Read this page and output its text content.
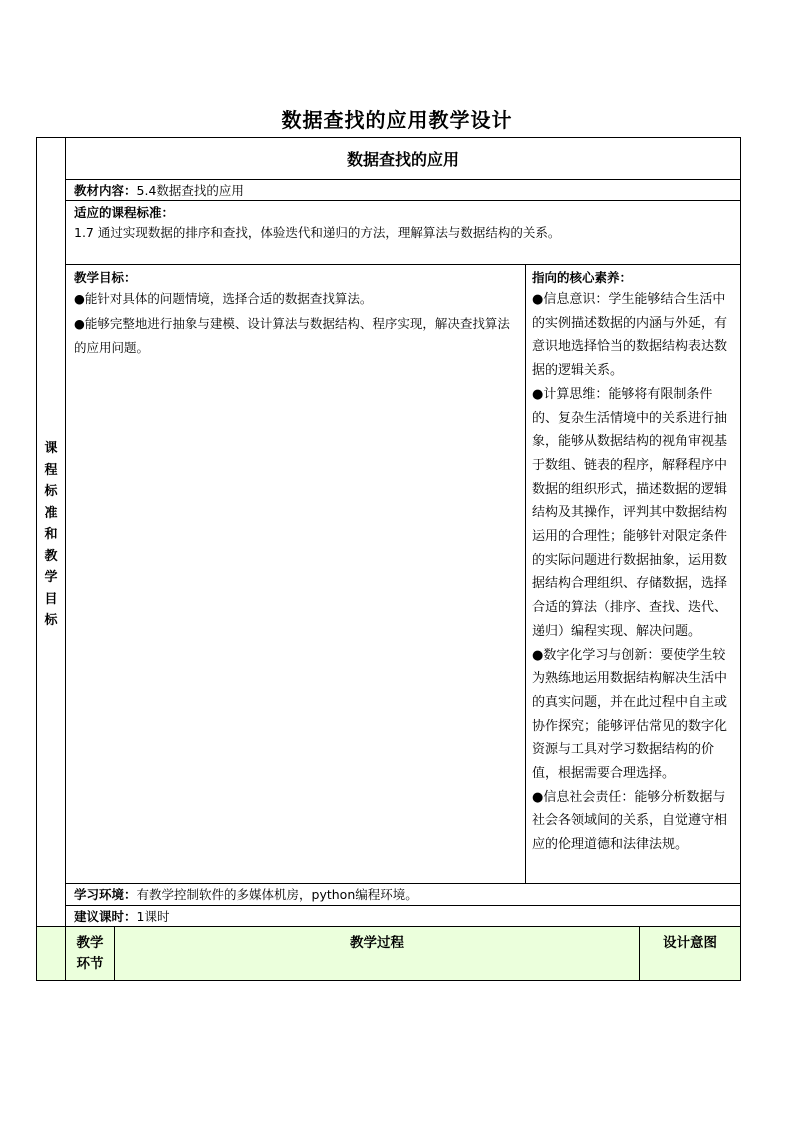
数据查找的应用教学设计
课
程
标
准
和
教
学
目
标
数据查找的应用
教材内容：5.4数据查找的应用
适应的课程标准：
1.7 通过实现数据的排序和查找，体验迭代和递归的方法，理解算法与数据结构的关系。
教学目标：
●能针对具体的问题情境，选择合适的数据查找算法。
●能够完整地进行抽象与建模、设计算法与数据结构、程序实现，解决查找算法的应用问题。
指向的核心素养：
●信息意识：学生能够结合生活中的实例描述数据的内涵与外延，有意识地选择恰当的数据结构表达数据的逻辑关系。
●计算思维：能够将有限制条件的、复杂生活情境中的关系进行抽象，能够从数据结构的视角审视基于数组、链表的程序，解释程序中数据的组织形式，描述数据的逻辑结构及其操作，评判其中数据结构运用的合理性；能够针对限定条件的实际问题进行数据抽象，运用数据结构合理组织、存储数据，选择合适的算法（排序、查找、迭代、递归）编程实现、解决问题。
●数字化学习与创新：要使学生较为熟练地运用数据结构解决生活中的真实问题，并在此过程中自主或协作探究；能够评估常见的数字化资源与工具对学习数据结构的价值，根据需要合理选择。
●信息社会责任：能够分析数据与社会各领域间的关系，自觉遵守相应的伦理道德和法律法规。
学习环境：有教学控制软件的多媒体机房，python编程环境。
建议课时：1课时
教学环节
教学过程	设计意图
